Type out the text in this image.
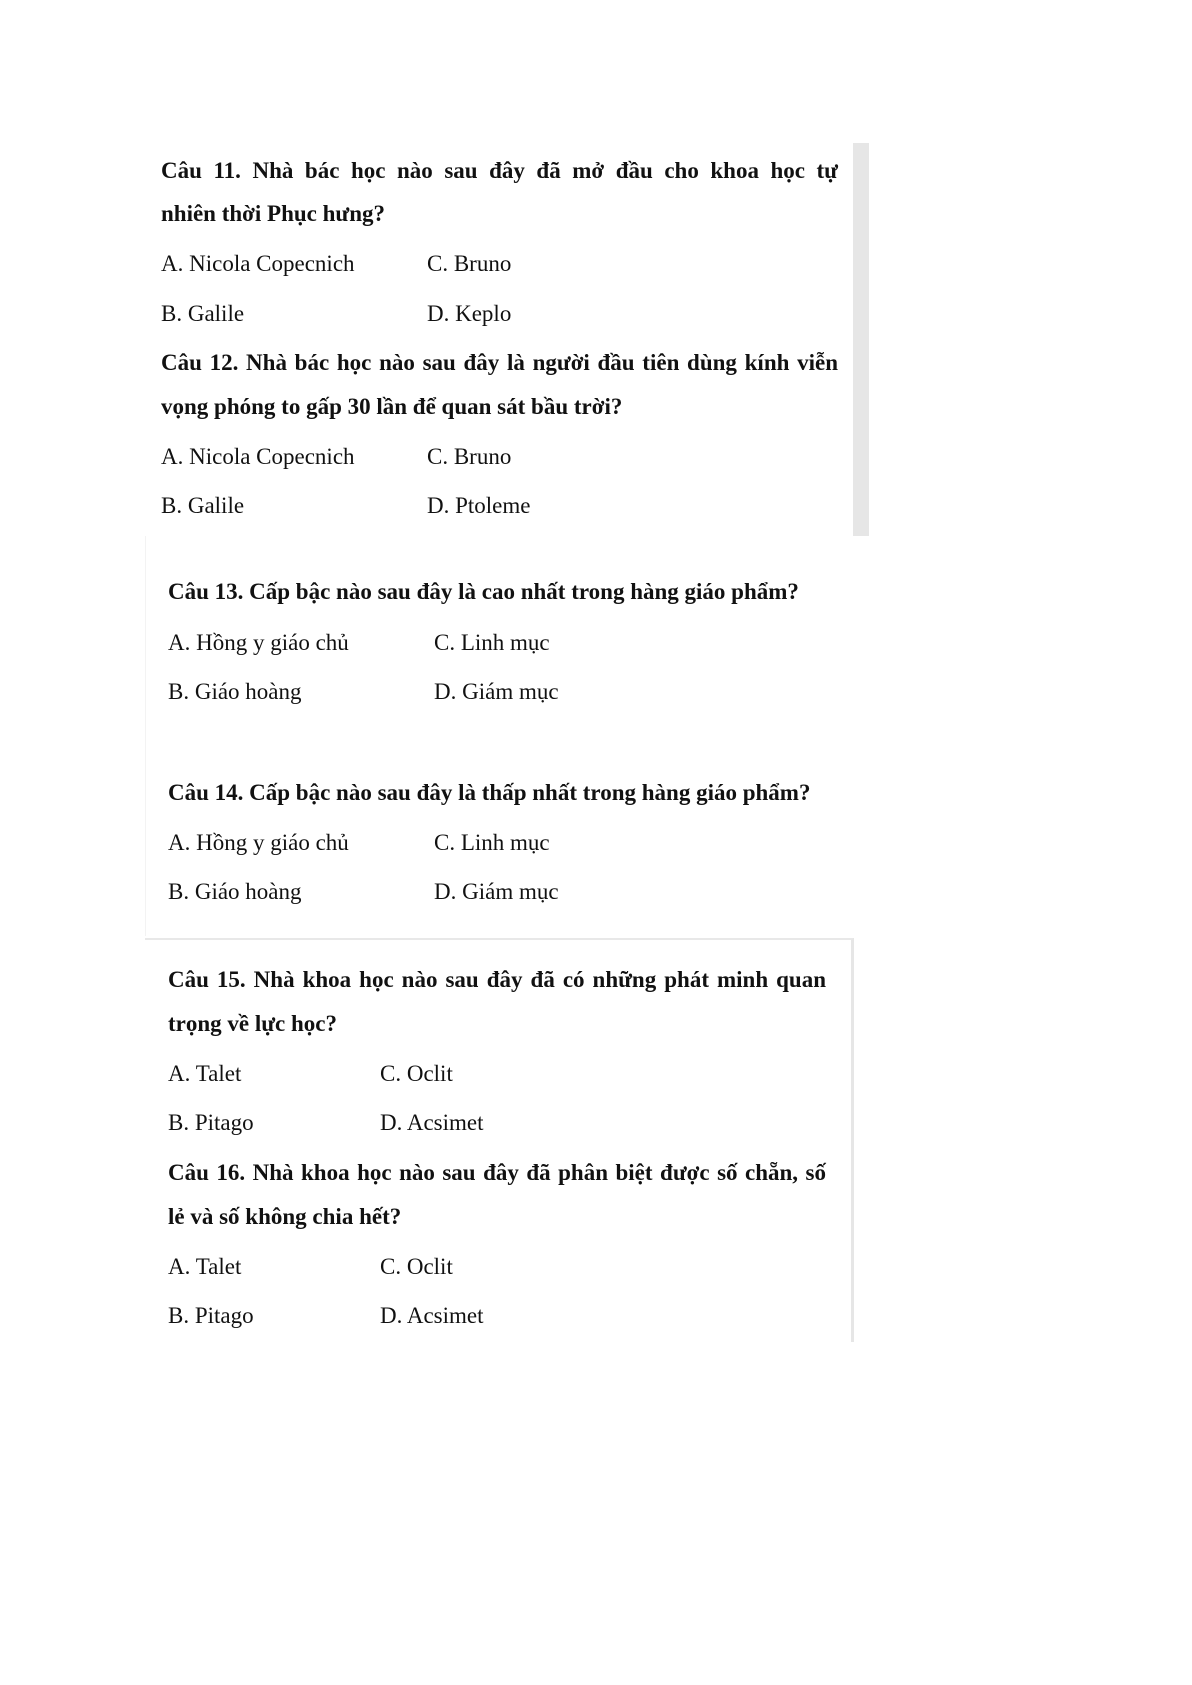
Câu 11. Nhà bác học nào sau đây đã mở đầu cho khoa học tự
nhiên thời Phục hưng?
A. Nicola Copecnich	C. Bruno
B. Galile	D. Keplo
Câu 12. Nhà bác học nào sau đây là người đầu tiên dùng kính viễn
vọng phóng to gấp 30 lần để quan sát bầu trời?
A. Nicola Copecnich	C. Bruno
B. Galile	D. Ptoleme
Câu 13. Cấp bậc nào sau đây là cao nhất trong hàng giáo phẩm?
A. Hồng y giáo chủ	C. Linh mục
B. Giáo hoàng	D. Giám mục
Câu 14. Cấp bậc nào sau đây là thấp nhất trong hàng giáo phẩm?
A. Hồng y giáo chủ	C. Linh mục
B. Giáo hoàng	D. Giám mục
Câu 15. Nhà khoa học nào sau đây đã có những phát minh quan
trọng về lực học?
A. Talet	C. Oclit
B. Pitago	D. Acsimet
Câu 16. Nhà khoa học nào sau đây đã phân biệt được số chẵn, số
lẻ và số không chia hết?
A. Talet	C. Oclit
B. Pitago	D. Acsimet
